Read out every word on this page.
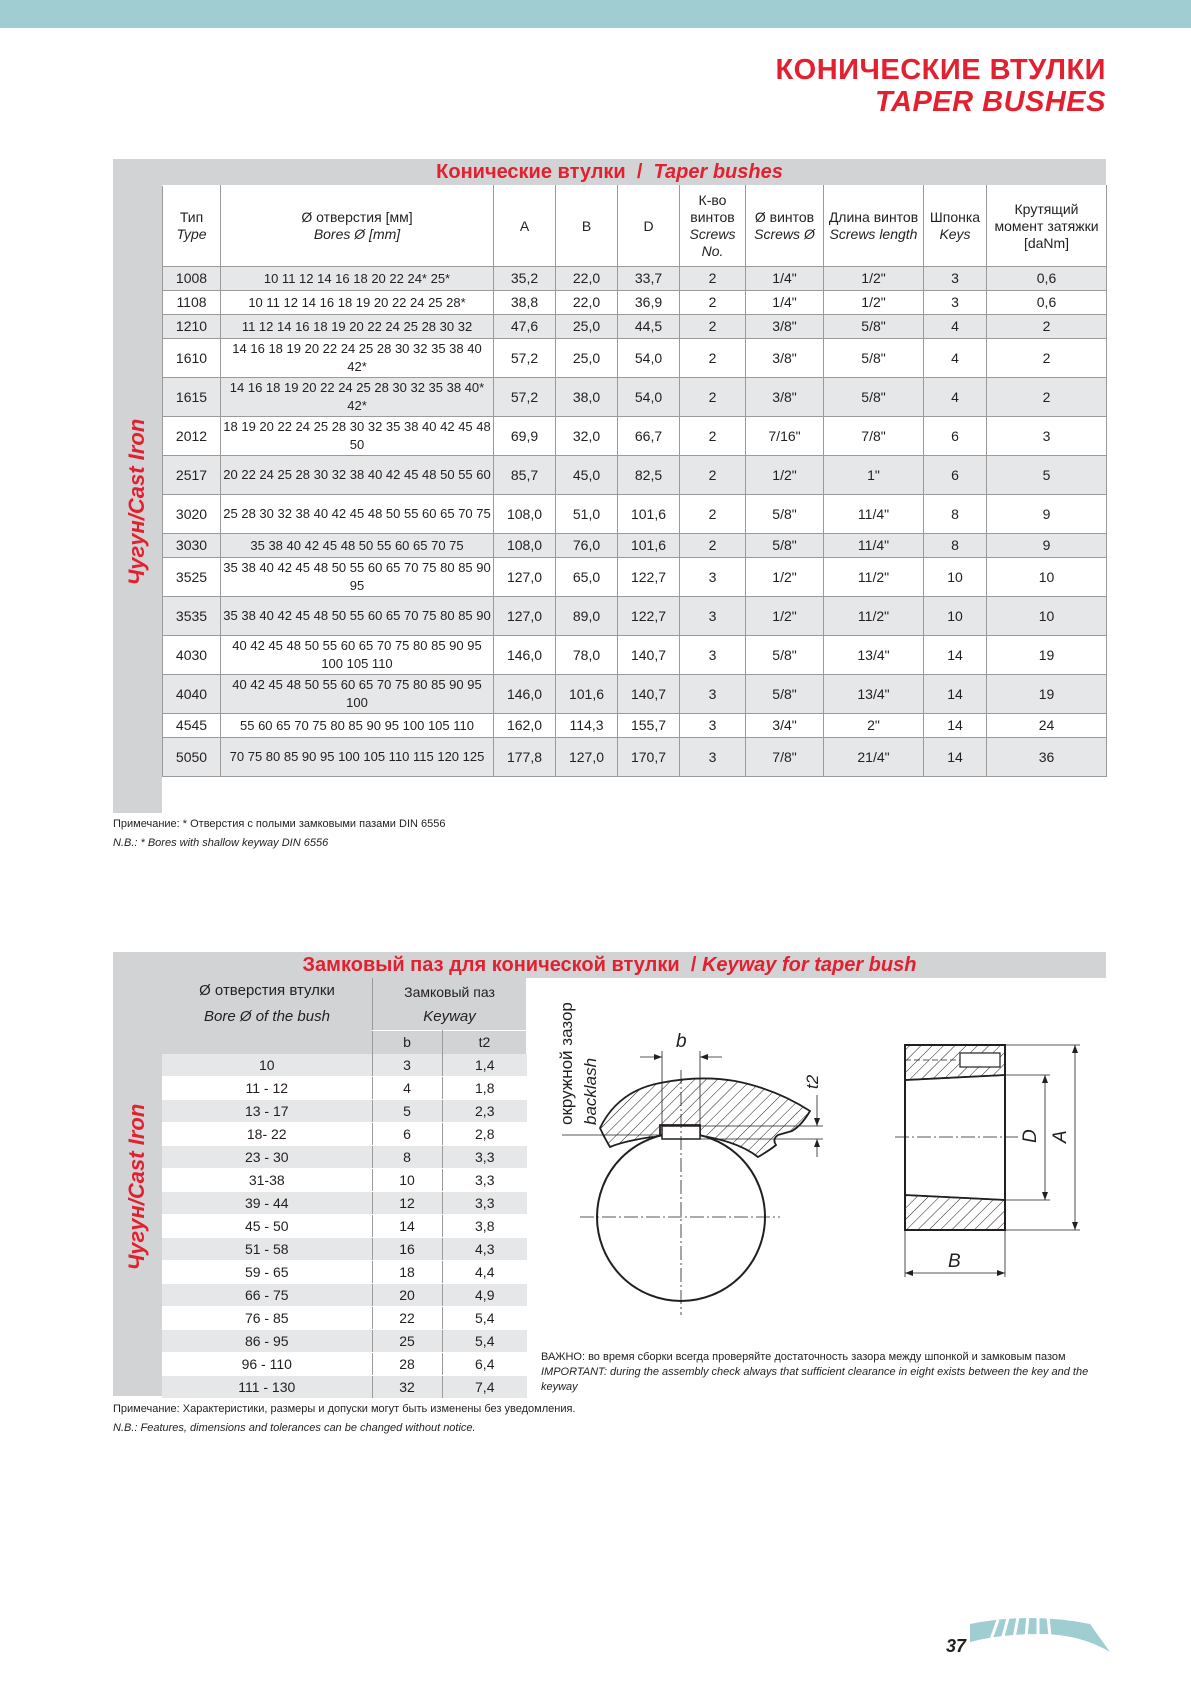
КОНИЧЕСКИЕ ВТУЛКИ
TAPER BUSHES
Конические втулки / Taper bushes
Чугун/Cast Iron
Тип
Type	Ø отверстия [мм]
Bores Ø [mm]	A	B	D	К-во винтов
Screws No.	Ø винтов
Screws Ø	Длина винтов
Screws length	Шпонка
Keys	Крутящий момент затяжки [daNm]
1008	10 11 12 14 16 18 20 22 24* 25*	35,2	22,0	33,7	2	1/4"	1/2"	3	0,6
1108	10 11 12 14 16 18 19 20 22 24 25 28*	38,8	22,0	36,9	2	1/4"	1/2"	3	0,6
1210	11 12 14 16 18 19 20 22 24 25 28 30 32	47,6	25,0	44,5	2	3/8"	5/8"	4	2
1610	14 16 18 19 20 22 24 25 28 30 32 35 38 40 42*	57,2	25,0	54,0	2	3/8"	5/8"	4	2
1615	14 16 18 19 20 22 24 25 28 30 32 35 38 40* 42*	57,2	38,0	54,0	2	3/8"	5/8"	4	2
2012	18 19 20 22 24 25 28 30 32 35 38 40 42 45 48 50	69,9	32,0	66,7	2	7/16"	7/8"	6	3
2517	20 22 24 25 28 30 32 38 40 42 45 48 50 55 60	85,7	45,0	82,5	2	1/2"	1"	6	5
3020	25 28 30 32 38 40 42 45 48 50 55 60 65 70 75	108,0	51,0	101,6	2	5/8"	11/4"	8	9
3030	35 38 40 42 45 48 50 55 60 65 70 75	108,0	76,0	101,6	2	5/8"	11/4"	8	9
3525	35 38 40 42 45 48 50 55 60 65 70 75 80 85 90 95	127,0	65,0	122,7	3	1/2"	11/2"	10	10
3535	35 38 40 42 45 48 50 55 60 65 70 75 80 85 90	127,0	89,0	122,7	3	1/2"	11/2"	10	10
4030	40 42 45 48 50 55 60 65 70 75 80 85 90 95 100 105 110	146,0	78,0	140,7	3	5/8"	13/4"	14	19
4040	40 42 45 48 50 55 60 65 70 75 80 85 90 95 100	146,0	101,6	140,7	3	5/8"	13/4"	14	19
4545	55 60 65 70 75 80 85 90 95 100 105 110	162,0	114,3	155,7	3	3/4"	2"	14	24
5050	70 75 80 85 90 95 100 105 110 115 120 125	177,8	127,0	170,7	3	7/8"	21/4"	14	36
Примечание: * Отверстия с полыми замковыми пазами DIN 6556
N.B.: * Bores with shallow keyway DIN 6556
Замковый паз для конической втулки / Keyway for taper bush
Чугун/Cast Iron
Ø отверстия втулки
Bore Ø of the bush
Замковый паз
Keyway
b	t2
10	3	1,4
11 - 12	4	1,8
13 - 17	5	2,3
18- 22	6	2,8
23 - 30	8	3,3
31-38	10	3,3
39 - 44	12	3,3
45 - 50	14	3,8
51 - 58	16	4,3
59 - 65	18	4,4
66 - 75	20	4,9
76 - 85	22	5,4
86 - 95	25	5,4
96 - 110	28	6,4
111 - 130	32	7,4
Примечание: Характеристики, размеры и допуски могут быть изменены без уведомления.
N.B.: Features, dimensions and tolerances can be changed without notice.
окружной зазор backlash
b
t2
D A
B
ВАЖНО: во время сборки всегда проверяйте достаточность зазора между шпонкой и замковым пазом
IMPORTANT: during the assembly check always that sufficient clearance in eight exists between the key and the keyway
37
